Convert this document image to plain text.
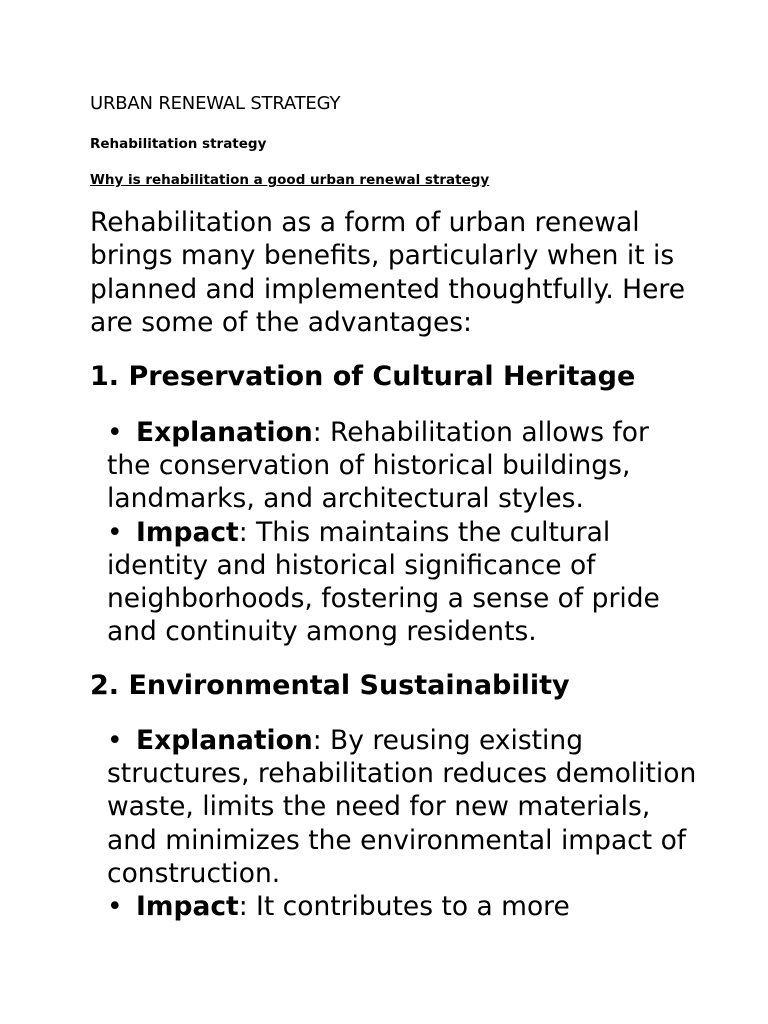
URBAN RENEWAL STRATEGY

Rehabilitation strategy

Why is rehabilitation a good urban renewal strategy

Rehabilitation as a form of urban renewal brings many benefits, particularly when it is planned and implemented thoughtfully. Here are some of the advantages:

1. Preservation of Cultural Heritage
• Explanation: Rehabilitation allows for the conservation of historical buildings, landmarks, and architectural styles.
• Impact: This maintains the cultural identity and historical significance of neighborhoods, fostering a sense of pride and continuity among residents.
2. Environmental Sustainability
• Explanation: By reusing existing structures, rehabilitation reduces demolition waste, limits the need for new materials, and minimizes the environmental impact of construction.
• Impact: It contributes to a more
